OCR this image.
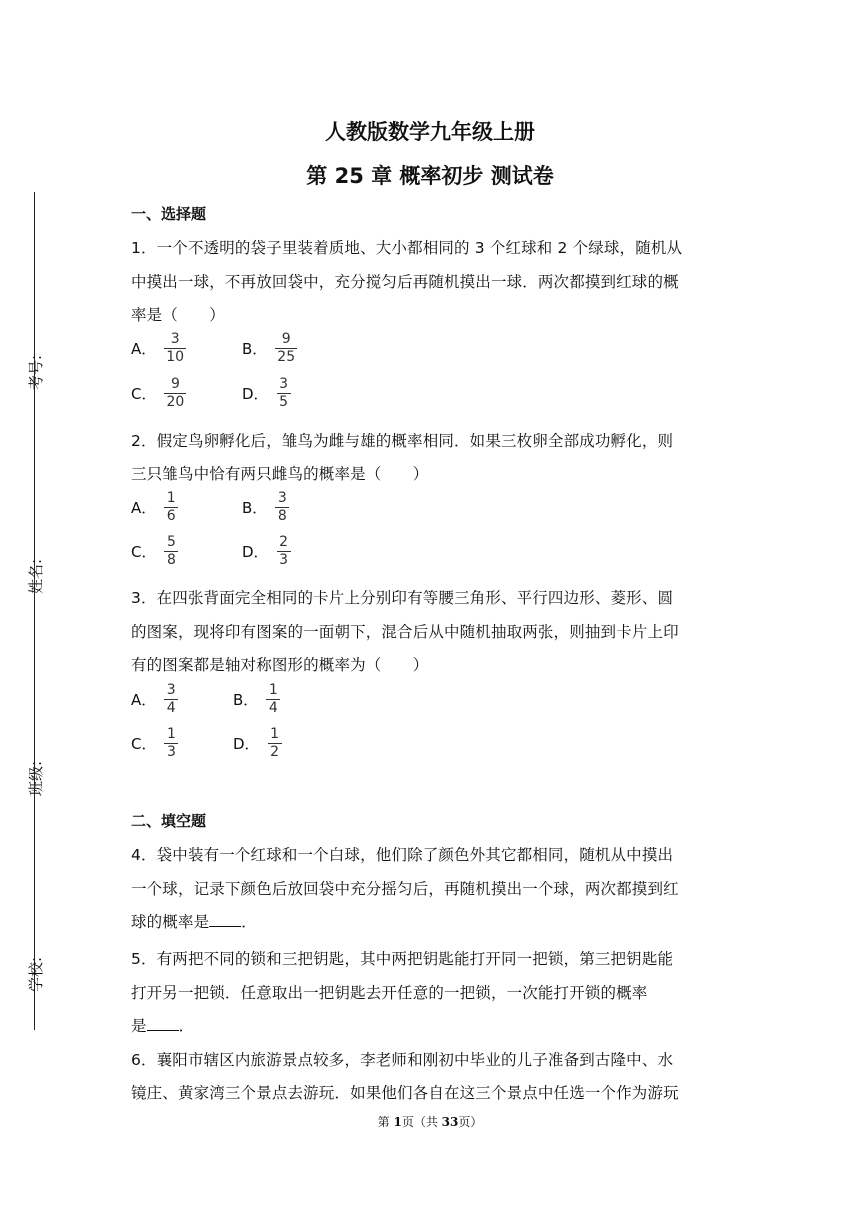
考号:
姓名:
班级:
学校:
人教版数学九年级上册
第 25 章 概率初步 测试卷
一、选择题
1．一个不透明的袋子里装着质地、大小都相同的 3 个红球和 2 个绿球，随机从
中摸出一球，不再放回袋中，充分搅匀后再随机摸出一球．两次都摸到红球的概
率是（　　）
A． $\frac{3}{10}$	B． $\frac{9}{25}$
C． $\frac{9}{20}$	D． $\frac{3}{5}$
2．假定鸟卵孵化后，雏鸟为雌与雄的概率相同．如果三枚卵全部成功孵化，则
三只雏鸟中恰有两只雌鸟的概率是（　　）
A． $\frac{1}{6}$	B． $\frac{3}{8}$
C． $\frac{5}{8}$	D． $\frac{2}{3}$
3．在四张背面完全相同的卡片上分别印有等腰三角形、平行四边形、菱形、圆
的图案，现将印有图案的一面朝下，混合后从中随机抽取两张，则抽到卡片上印
有的图案都是轴对称图形的概率为（　　）
A． $\frac{3}{4}$	B． $\frac{1}{4}$
C． $\frac{1}{3}$	D． $\frac{1}{2}$
二、填空题
4．袋中装有一个红球和一个白球，他们除了颜色外其它都相同，随机从中摸出
一个球，记录下颜色后放回袋中充分摇匀后，再随机摸出一个球，两次都摸到红
球的概率是 ．
5．有两把不同的锁和三把钥匙，其中两把钥匙能打开同一把锁，第三把钥匙能
打开另一把锁．任意取出一把钥匙去开任意的一把锁，一次能打开锁的概率
是 ．
6．襄阳市辖区内旅游景点较多，李老师和刚初中毕业的儿子准备到古隆中、水
镜庄、黄家湾三个景点去游玩．如果他们各自在这三个景点中任选一个作为游玩
第 1页（共 33页）
